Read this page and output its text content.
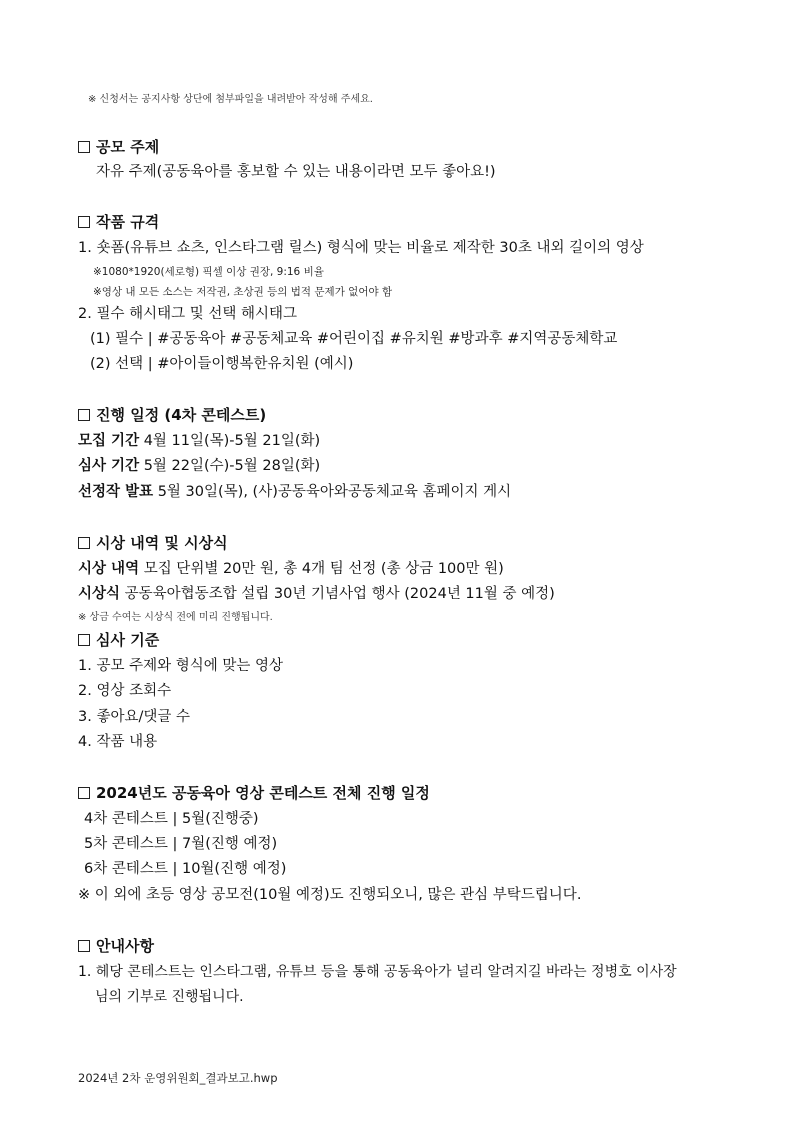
※ 신청서는 공지사항 상단에 첨부파일을 내려받아 작성해 주세요.
공모 주제
자유 주제(공동육아를 홍보할 수 있는 내용이라면 모두 좋아요!)
작품 규격
1. 숏폼(유튜브 쇼츠, 인스타그램 릴스) 형식에 맞는 비율로 제작한 30초 내외 길이의 영상
※1080*1920(세로형) 픽셀 이상 권장, 9:16 비율
※영상 내 모든 소스는 저작권, 초상권 등의 법적 문제가 없어야 함
2. 필수 해시태그 및 선택 해시태그
(1) 필수 | #공동육아 #공동체교육 #어린이집 #유치원 #방과후 #지역공동체학교
(2) 선택 | #아이들이행복한유치원 (예시)
진행 일정 (4차 콘테스트)
모집 기간 4월 11일(목)-5월 21일(화)
심사 기간 5월 22일(수)-5월 28일(화)
선정작 발표 5월 30일(목), (사)공동육아와공동체교육 홈페이지 게시
시상 내역 및 시상식
시상 내역 모집 단위별 20만 원, 총 4개 팀 선정 (총 상금 100만 원)
시상식 공동육아협동조합 설립 30년 기념사업 행사 (2024년 11월 중 예정)
※ 상금 수여는 시상식 전에 미리 진행됩니다.
심사 기준
1. 공모 주제와 형식에 맞는 영상
2. 영상 조회수
3. 좋아요/댓글 수
4. 작품 내용
2024년도 공동육아 영상 콘테스트 전체 진행 일정
4차 콘테스트 | 5월(진행중)
5차 콘테스트 | 7월(진행 예정)
6차 콘테스트 | 10월(진행 예정)
※ 이 외에 초등 영상 공모전(10월 예정)도 진행되오니, 많은 관심 부탁드립니다.
안내사항
1. 헤당 콘테스트는 인스타그램, 유튜브 등을 통해 공동육아가 널리 알려지길 바라는 정병호 이사장
님의 기부로 진행됩니다.
2024년 2차 운영위원회_결과보고.hwp
